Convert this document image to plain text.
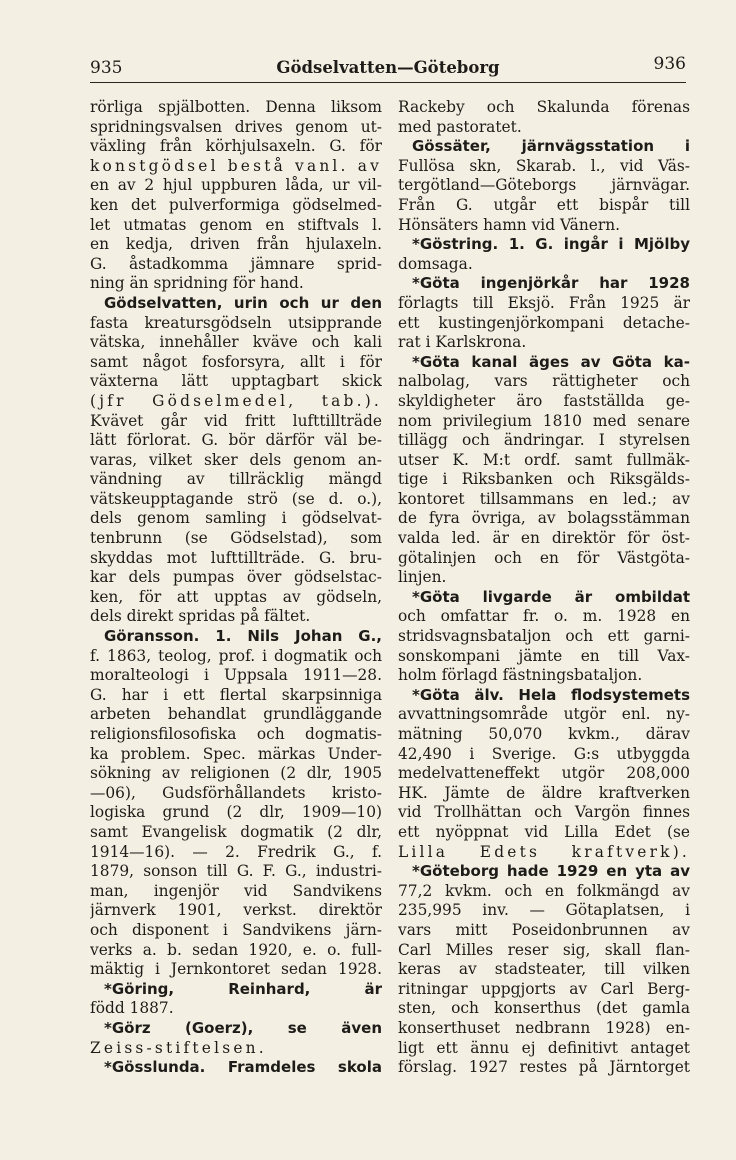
935	Gödselvatten—Göteborg	936
rörliga spjälbotten. Denna liksom
spridningsvalsen drives genom ut-
växling från körhjulsaxeln. G. för
konstgödsel bestå vanl. av
en av 2 hjul uppburen låda, ur vil-
ken det pulverformiga gödselmed-
let utmatas genom en stiftvals l.
en kedja, driven från hjulaxeln.
G. åstadkomma jämnare sprid-
ning än spridning för hand.
Gödselvatten, urin och ur den
fasta kreatursgödseln utsipprande
vätska, innehåller kväve och kali
samt något fosforsyra, allt i för
växterna lätt upptagbart skick
(jfr Gödselmedel, tab.).
Kvävet går vid fritt lufttillträde
lätt förlorat. G. bör därför väl be-
varas, vilket sker dels genom an-
vändning av tillräcklig mängd
vätskeupptagande strö (se d. o.),
dels genom samling i gödselvat-
tenbrunn (se Gödselstad), som
skyddas mot lufttillträde. G. bru-
kar dels pumpas över gödselstac-
ken, för att upptas av gödseln,
dels direkt spridas på fältet.
Göransson. 1. Nils Johan G.,
f. 1863, teolog, prof. i dogmatik och
moralteologi i Uppsala 1911—28.
G. har i ett flertal skarpsinniga
arbeten behandlat grundläggande
religionsfilosofiska och dogmatis-
ka problem. Spec. märkas Under-
sökning av religionen (2 dlr, 1905
—06), Gudsförhållandets kristo-
logiska grund (2 dlr, 1909—10)
samt Evangelisk dogmatik (2 dlr,
1914—16). — 2. Fredrik G., f.
1879, sonson till G. F. G., industri-
man, ingenjör vid Sandvikens
järnverk 1901, verkst. direktör
och disponent i Sandvikens järn-
verks a. b. sedan 1920, e. o. full-
mäktig i Jernkontoret sedan 1928.
*Göring, Reinhard, är
född 1887.
*Görz (Goerz), se även
Zeiss-stiftelsen.
*Gösslunda. Framdeles skola
Rackeby och Skalunda förenas
med pastoratet.
Gössäter, järnvägsstation i
Fullösa skn, Skarab. l., vid Väs-
tergötland—Göteborgs järnvägar.
Från G. utgår ett bispår till
Hönsäters hamn vid Vänern.
*Göstring. 1. G. ingår i Mjölby
domsaga.
*Göta ingenjörkår har 1928
förlagts till Eksjö. Från 1925 är
ett kustingenjörkompani detache-
rat i Karlskrona.
*Göta kanal äges av Göta ka-
nalbolag, vars rättigheter och
skyldigheter äro fastställda ge-
nom privilegium 1810 med senare
tillägg och ändringar. I styrelsen
utser K. M:t ordf. samt fullmäk-
tige i Riksbanken och Riksgälds-
kontoret tillsammans en led.; av
de fyra övriga, av bolagsstämman
valda led. är en direktör för öst-
götalinjen och en för Västgöta-
linjen.
*Göta livgarde är ombildat
och omfattar fr. o. m. 1928 en
stridsvagnsbataljon och ett garni-
sonskompani jämte en till Vax-
holm förlagd fästningsbataljon.
*Göta älv. Hela flodsystemets
avvattningsområde utgör enl. ny-
mätning 50,070 kvkm., därav
42,490 i Sverige. G:s utbyggda
medelvatteneffekt utgör 208,000
HK. Jämte de äldre kraftverken
vid Trollhättan och Vargön finnes
ett nyöppnat vid Lilla Edet (se
Lilla Edets kraftverk).
*Göteborg hade 1929 en yta av
77,2 kvkm. och en folkmängd av
235,995 inv. — Götaplatsen, i
vars mitt Poseidonbrunnen av
Carl Milles reser sig, skall flan-
keras av stadsteater, till vilken
ritningar uppgjorts av Carl Berg-
sten, och konserthus (det gamla
konserthuset nedbrann 1928) en-
ligt ett ännu ej definitivt antaget
förslag. 1927 restes på Järntorget
